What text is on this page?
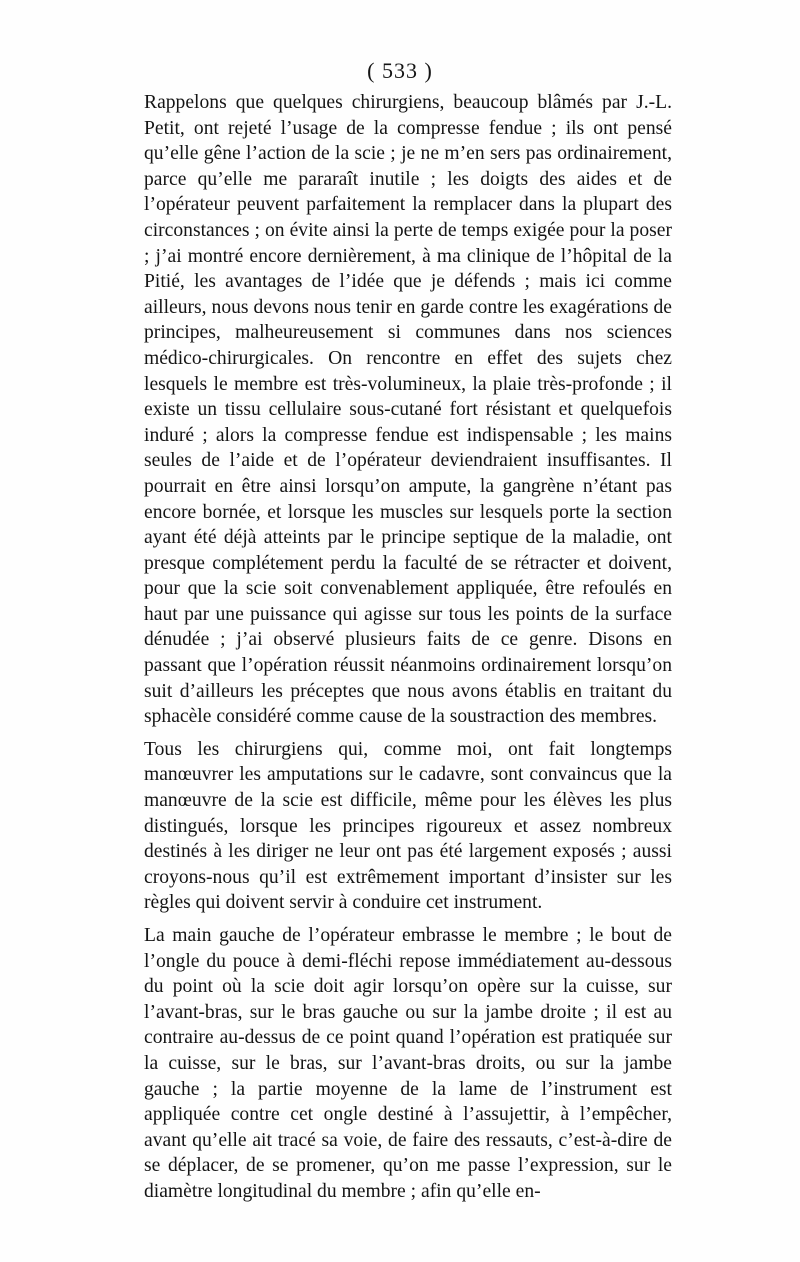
( 533 )

Rappelons que quelques chirurgiens, beaucoup blâmés par J.-L. Petit, ont rejeté l’usage de la compresse fendue ; ils ont pensé qu’elle gêne l’action de la scie ; je ne m’en sers pas ordinairement, parce qu’elle me pararaît inutile ; les doigts des aides et de l’opérateur peuvent parfaitement la remplacer dans la plupart des circonstances ; on évite ainsi la perte de temps exigée pour la poser ; j’ai montré encore dernièrement, à ma clinique de l’hôpital de la Pitié, les avantages de l’idée que je défends ; mais ici comme ailleurs, nous devons nous tenir en garde contre les exagérations de principes, malheureusement si communes dans nos sciences médico-chirurgicales. On rencontre en effet des sujets chez lesquels le membre est très-volumineux, la plaie très-profonde ; il existe un tissu cellulaire sous-cutané fort résistant et quelquefois induré ; alors la compresse fendue est indispensable ; les mains seules de l’aide et de l’opérateur deviendraient insuffisantes. Il pourrait en être ainsi lorsqu’on ampute, la gangrène n’étant pas encore bornée, et lorsque les muscles sur lesquels porte la section ayant été déjà atteints par le principe septique de la maladie, ont presque complétement perdu la faculté de se rétracter et doivent, pour que la scie soit convenablement appliquée, être refoulés en haut par une puissance qui agisse sur tous les points de la surface dénudée ; j’ai observé plusieurs faits de ce genre. Disons en passant que l’opération réussit néanmoins ordinairement lorsqu’on suit d’ailleurs les préceptes que nous avons établis en traitant du sphacèle considéré comme cause de la soustraction des membres.

Tous les chirurgiens qui, comme moi, ont fait longtemps manœuvrer les amputations sur le cadavre, sont convaincus que la manœuvre de la scie est difficile, même pour les élèves les plus distingués, lorsque les principes rigoureux et assez nombreux destinés à les diriger ne leur ont pas été largement exposés ; aussi croyons-nous qu’il est extrêmement important d’insister sur les règles qui doivent servir à conduire cet instrument.

La main gauche de l’opérateur embrasse le membre ; le bout de l’ongle du pouce à demi-fléchi repose immédiatement au-dessous du point où la scie doit agir lorsqu’on opère sur la cuisse, sur l’avant-bras, sur le bras gauche ou sur la jambe droite ; il est au contraire au-dessus de ce point quand l’opération est pratiquée sur la cuisse, sur le bras, sur l’avant-bras droits, ou sur la jambe gauche ; la partie moyenne de la lame de l’instrument est appliquée contre cet ongle destiné à l’assujettir, à l’empêcher, avant qu’elle ait tracé sa voie, de faire des ressauts, c’est-à-dire de se déplacer, de se promener, qu’on me passe l’expression, sur le diamètre longitudinal du membre ; afin qu’elle en-
